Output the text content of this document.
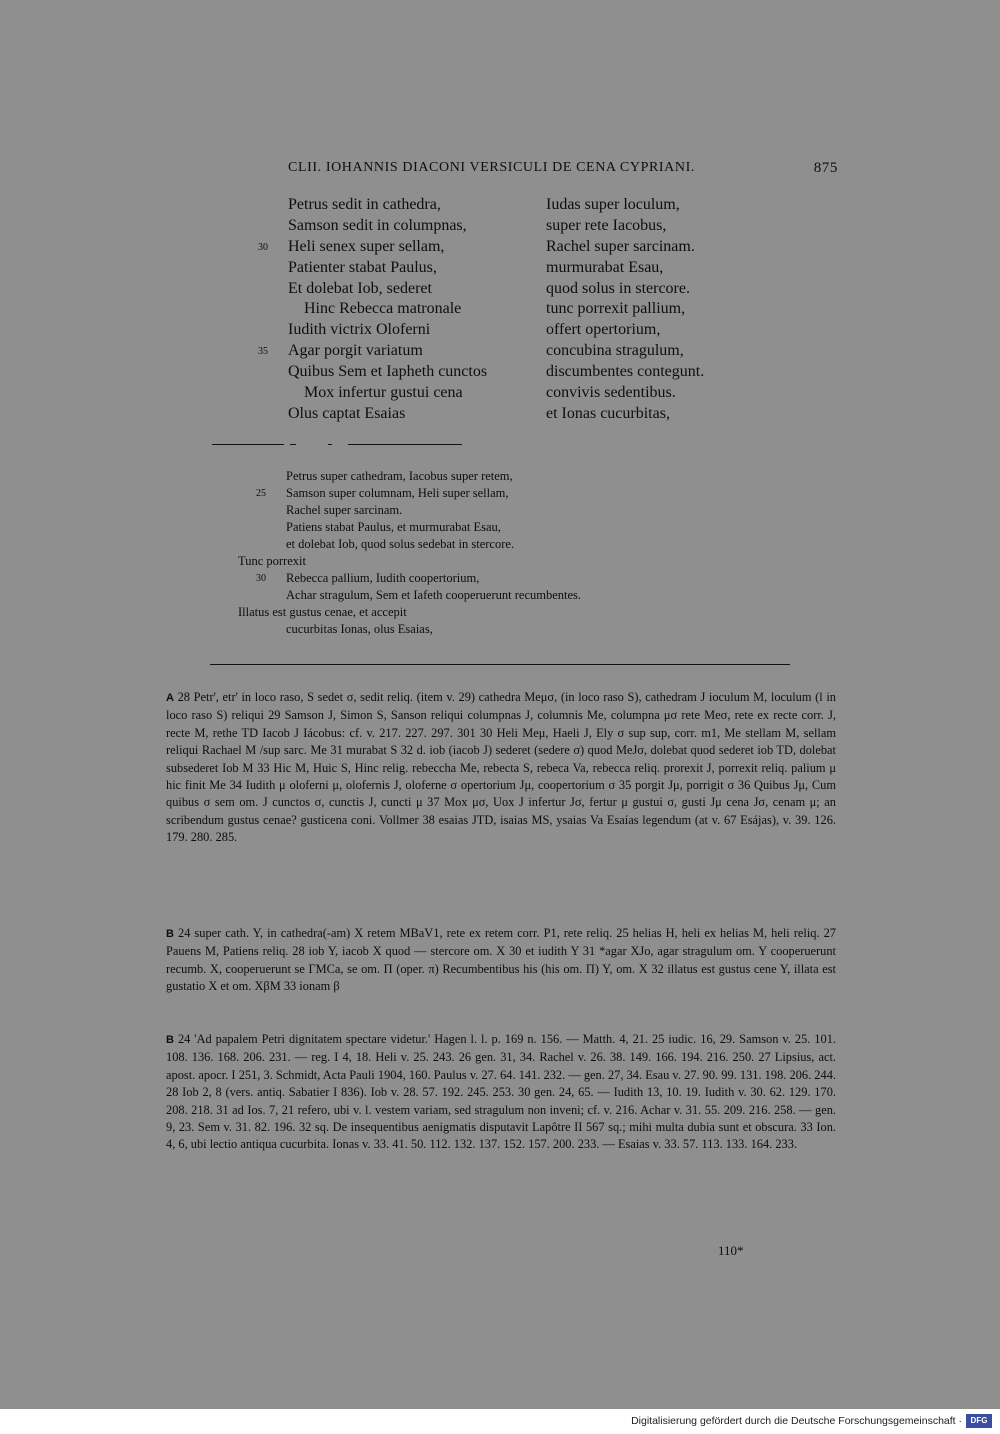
CLII. IOHANNIS DIACONI VERSICULI DE CENA CYPRIANI.	875
Petrus sedit in cathedra,	Iudas super loculum,
Samson sedit in columpnas,	super rete Iacobus,
30 Heli senex super sellam,	Rachel super sarcinam.
Patienter stabat Paulus,	murmurabat Esau,
Et dolebat Iob, sederet	quod solus in stercore.
Hinc Rebecca matronale	tunc porrexit pallium,
Iudith victrix Oloferni	offert opertorium,
35 Agar porgit variatum	concubina stragulum,
Quibus Sem et Iapheth cunctos	discumbentes contegunt.
Mox infertur gustui cena	convivis sedentibus.
Olus captat Esaias	et Ionas cucurbitas,
Petrus super cathedram, Iacobus super retem,
25 Samson super columnam, Heli super sellam,
Rachel super sarcinam.
Patiens stabat Paulus, et murmurabat Esau,
et dolebat Iob, quod solus sedebat in stercore.
Tunc porrexit
30 Rebecca pallium, Iudith coopertorium,
Achar stragulum, Sem et Iafeth cooperuerunt recumbentes.
Illatus est gustus cenae, et accepit
cucurbitas Ionas, olus Esaias,

A 28 Petr', etr' in loco raso, S sedet σ, sedit reliq. (item v. 29) cathedra Meμσ, (in loco raso S), cathedram J ioculum M, loculum (l in loco raso S) reliqui 29 Samson J, Simon S, Sanson reliqui columpnas J, columnis Me, columpna μσ rete Meσ, rete ex recte corr. J, recte M, rethe TD Iacob J Iácobus: cf. v. 217. 227. 297. 301 30 Heli Meμ, Haeli J, Ely σ sup sup, corr. m1, Me stellam M, sellam reliqui Rachael M /sup sarc. Me 31 murabat S 32 d. iob (iacob J) sederet (sedere σ) quod MeJσ, dolebat quod sederet iob TD, dolebat subsederet Iob M 33 Hic M, Huic S, Hinc relig. rebeccha Me, rebecta S, rebeca Va, rebecca reliq. prorexit J, porrexit reliq. palium μ hic finit Me 34 Iudith μ oloferni μ, olofernis J, oloferne σ opertorium Jμ, coopertorium σ 35 porgit Jμ, porrigit σ 36 Quibus Jμ, Cum quibus σ sem om. J cunctos σ, cunctis J, cuncti μ 37 Mox μσ, Uox J infertur Jσ, fertur μ gustui σ, gusti Jμ cena Jσ, cenam μ; an scribendum gustus cenae? gusticena coni. Vollmer 38 esaias JTD, isaias MS, ysaias Va Esaías legendum (at v. 67 Esájas), v. 39. 126. 179. 280. 285.

B 24 super cath. Y, in cathedra(-am) X retem MBaV1, rete ex retem corr. P1, rete reliq. 25 helias H, heli ex helias M, heli reliq. 27 Pauens M, Patiens reliq. 28 iob Y, iacob X quod — stercore om. X 30 et iudith Y 31 *agar XJo, agar stragulum om. Y cooperuerunt recumb. X, cooperuerunt se ΓMCa, se om. Π (oper. π) Recumbentibus his (his om. Π) Y, om. X 32 illatus est gustus cene Y, illata est gustatio X et om. XβM 33 ionam β

B 24 'Ad papalem Petri dignitatem spectare videtur.' Hagen l. l. p. 169 n. 156. — Matth. 4, 21. 25 iudic. 16, 29. Samson v. 25. 101. 108. 136. 168. 206. 231. — reg. I 4, 18. Heli v. 25. 243. 26 gen. 31, 34. Rachel v. 26. 38. 149. 166. 194. 216. 250. 27 Lipsius, act. apost. apocr. I 251, 3. Schmidt, Acta Pauli 1904, 160. Paulus v. 27. 64. 141. 232. — gen. 27, 34. Esau v. 27. 90. 99. 131. 198. 206. 244. 28 Iob 2, 8 (vers. antiq. Sabatier I 836). Iob v. 28. 57. 192. 245. 253. 30 gen. 24, 65. — Iudith 13, 10. 19. Iudith v. 30. 62. 129. 170. 208. 218. 31 ad Ios. 7, 21 refero, ubi v. l. vestem variam, sed stragulum non inveni; cf. v. 216. Achar v. 31. 55. 209. 216. 258. — gen. 9, 23. Sem v. 31. 82. 196. 32 sq. De insequentibus aenigmatis disputavit Lapôtre II 567 sq.; mihi multa dubia sunt et obscura. 33 Ion. 4, 6, ubi lectio antiqua cucurbita. Ionas v. 33. 41. 50. 112. 132. 137. 152. 157. 200. 233. — Esaias v. 33. 57. 113. 133. 164. 233.

110*
Digitalisierung gefördert durch die Deutsche Forschungsgemeinschaft ·	DFG
